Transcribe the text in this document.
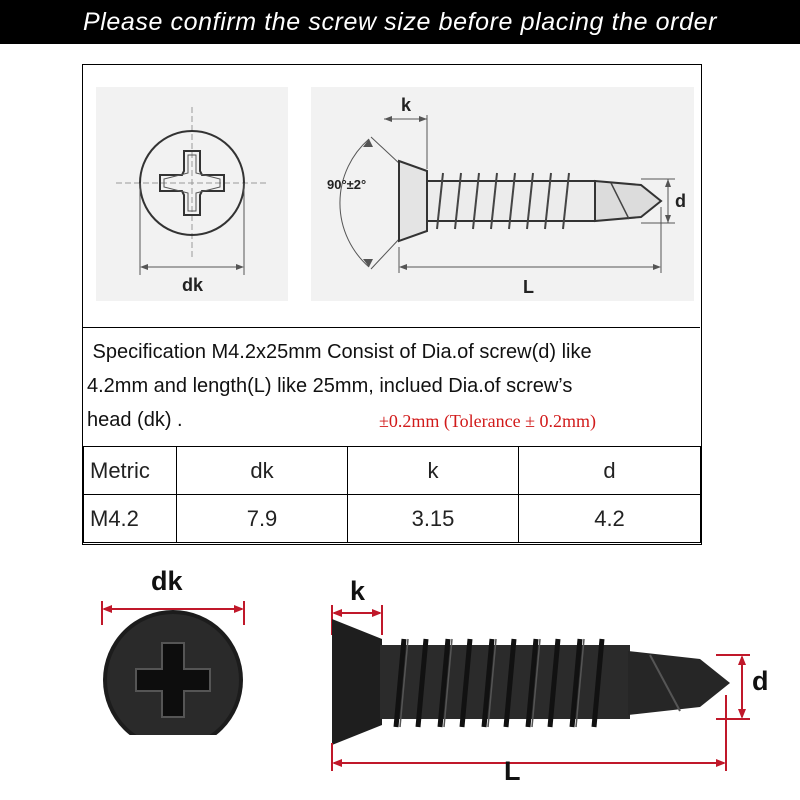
Please confirm the screw size before placing the order
dk
k
90°±2°
d
L
Specification M4.2x25mm Consist of Dia.of screw(d) like
4.2mm and length(L) like 25mm, inclued Dia.of screw’s
head (dk) .	±0.2mm (Tolerance ± 0.2mm)
Metric	dk	k	d
M4.2	7.9	3.15	4.2
dk	k
d
L
